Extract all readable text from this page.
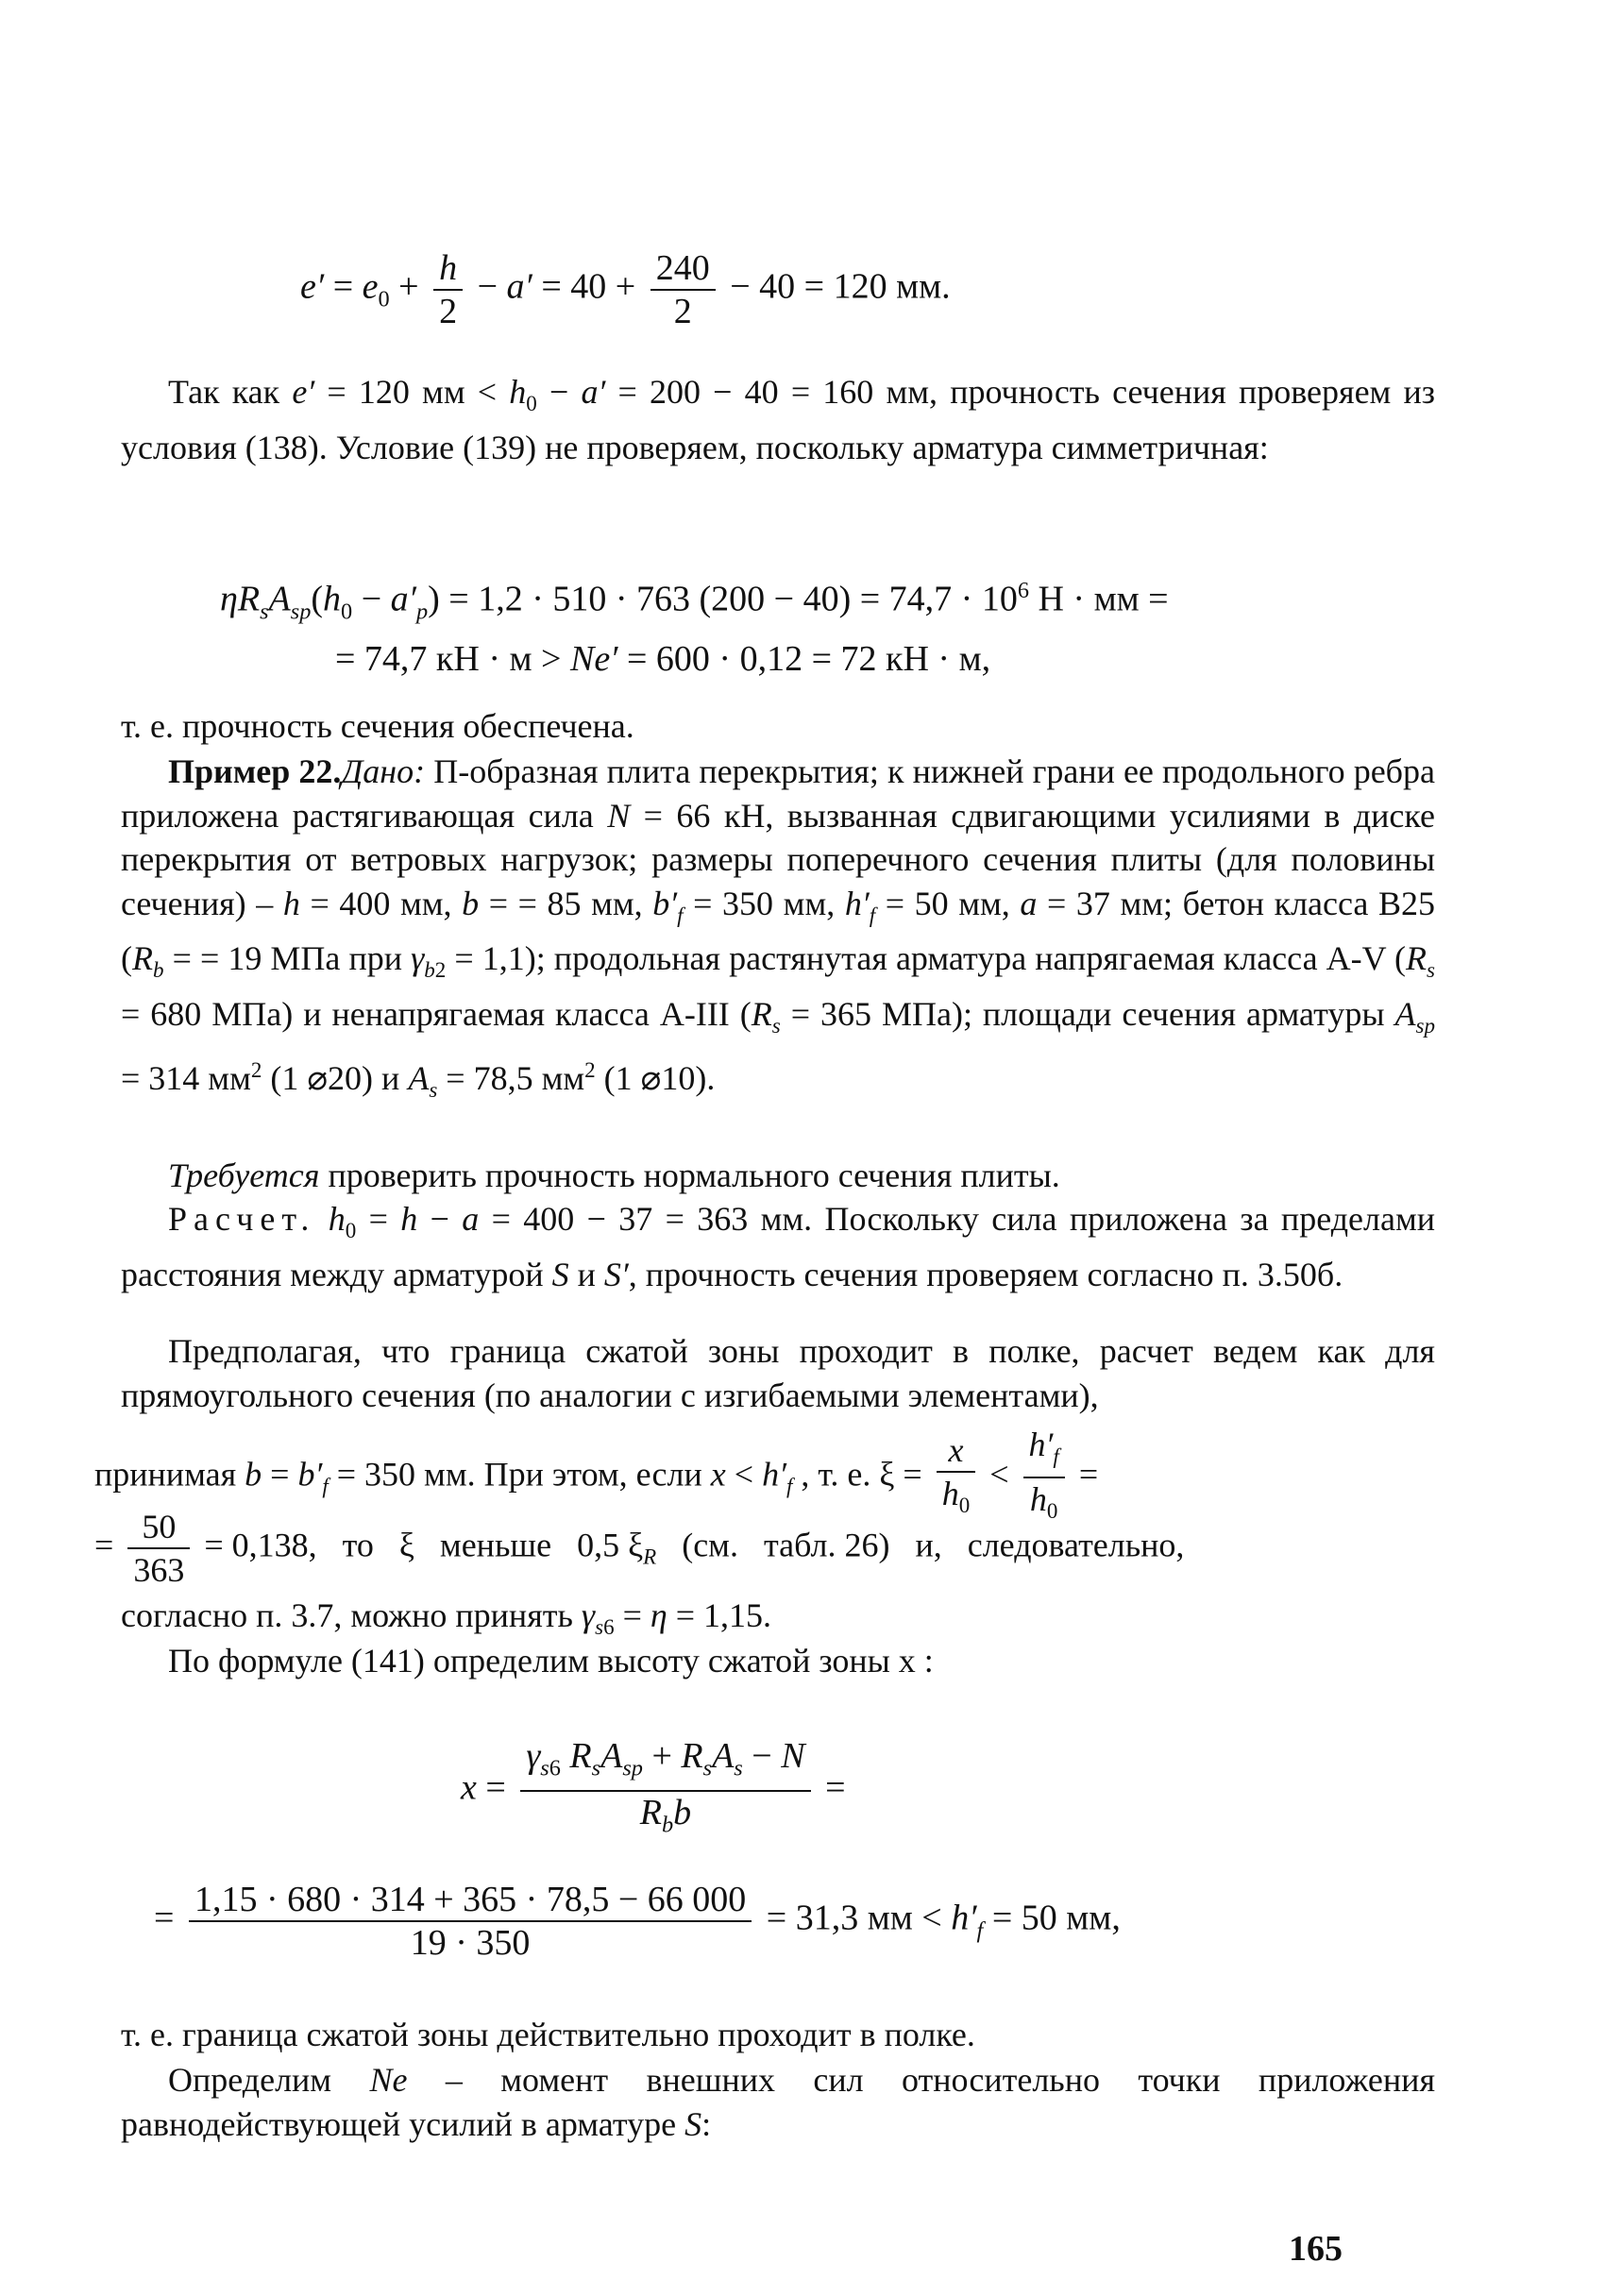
$e' = e_0 + \frac{h}{2} - a' = 40 + \frac{240}{2} - 40 = 120$ мм.

Так как e′ = 120 мм < $h_0 - a' = 200 - 40 = 160$ мм, прочность сечения проверяем из условия (138). Условие (139) не проверяем, поскольку арматура симметричная:

$\eta R_sA_{sp}(h_0 - a'_p) = 1,2 \cdot 510 \cdot 763$ $(200 - 40) = 74,7 \cdot 10^6$ Н · мм =
= 74,7 кН · м > Ne′ = 600 · 0,12 = 72 кН · м,

т. е. прочность сечения обеспечена.

Пример 22.Дано: П-образная плита перекрытия; к нижней грани ее продольного ребра приложена растягивающая сила N = 66 кН, вызванная сдвигающими усилиями в диске перекрытия от ветровых нагрузок; размеры поперечного сечения плиты (для половины сечения) – h = 400 мм, b = = 85 мм, $b'_f = 350$ мм, $h'_f = 50$ мм, a = 37 мм; бетон класса B25 ($R_b$ = = 19 МПа при $\gamma_{b2} = 1,1$); продольная растянутая арматура напрягаемая класса A-V ($R_s = 680$ МПа) и ненапрягаемая класса A-III ($R_s = 365$ МПа); площади сечения арматуры $A_{sp} = 314$ $мм^2$ (1 ⌀20) и $A_s = 78,5$ $мм^2$ (1 ⌀10).

Требуется проверить прочность нормального сечения плиты.

Расчет. $h_0 = h - a = 400 - 37 = 363$ мм. Поскольку сила приложена за пределами расстояния между арматурой S и S′, прочность сечения проверяем согласно п. 3.50б.

Предполагая, что граница сжатой зоны проходит в полке, расчет ведем как для прямоугольного сечения (по аналогии с изгибаемыми элементами),

принимая $b = b'_f = 350$ мм. При этом, если $x < h'_f$ , т. е. $\xi = \frac{x}{h_0} < \frac{h'_f}{h_0}$ =
= $\frac{50}{363} = 0,138$,   то   ξ   меньше   0,5 $\xi_R$   (см.   табл. 26)   и,   следовательно,

согласно п. 3.7, можно принять $\gamma_{s6} = \eta = 1,15$.

По формуле (141) определим высоту сжатой зоны x :

$x = \frac{\gamma_{s6} R_sA_{sp} + R_sA_s - N}{R_bb}$ =
= $\frac{1,15 \cdot 680 \cdot 314 + 365 \cdot 78,5 - 66 000}{19 \cdot 350} = 31,3$ мм < $h'_f = 50$ мм,

т. е. граница сжатой зоны действительно проходит в полке.

Определим Ne – момент внешних сил относительно точки приложения равнодействующей усилий в арматуре S:

165
